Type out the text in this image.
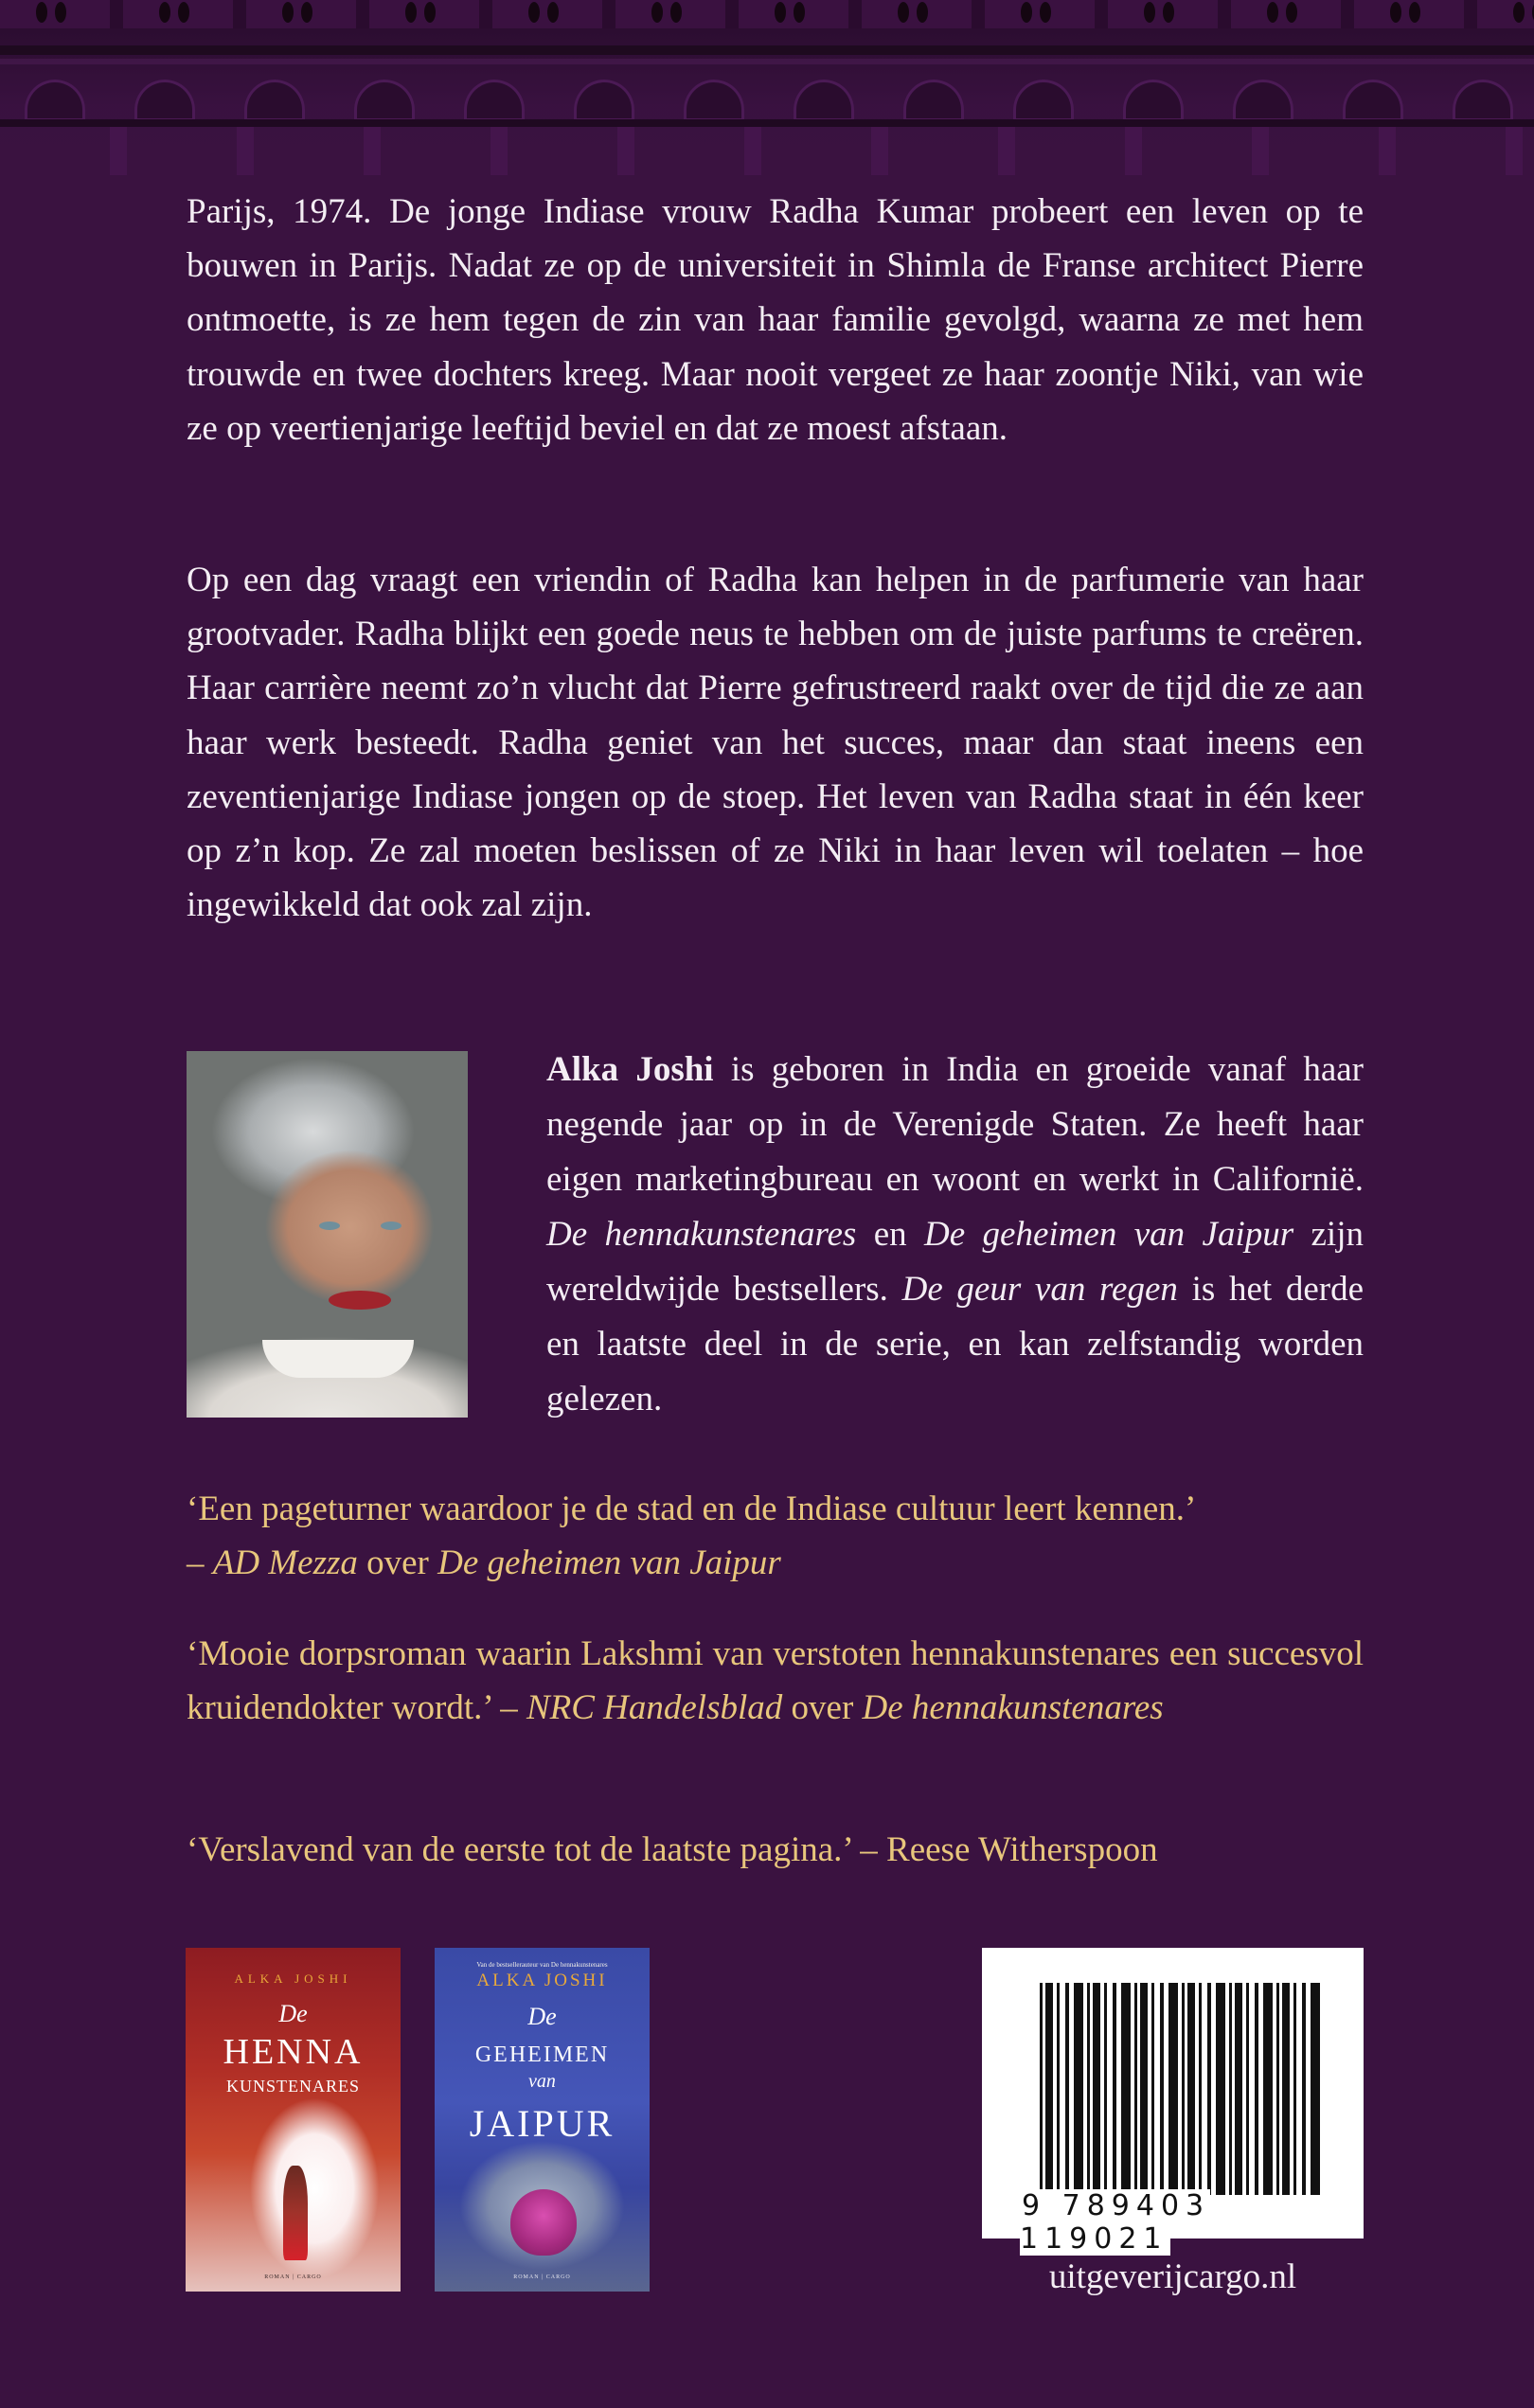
Parijs, 1974. De jonge Indiase vrouw Radha Kumar probeert een leven op te bouwen in Parijs. Nadat ze op de universiteit in Shimla de Franse architect Pierre ontmoette, is ze hem tegen de zin van haar familie gevolgd, waarna ze met hem trouwde en twee dochters kreeg. Maar nooit vergeet ze haar zoontje Niki, van wie ze op veertienjarige leeftijd beviel en dat ze moest afstaan.

Op een dag vraagt een vriendin of Radha kan helpen in de parfumerie van haar grootvader. Radha blijkt een goede neus te hebben om de juiste parfums te creëren. Haar carrière neemt zo’n vlucht dat Pierre gefrustreerd raakt over de tijd die ze aan haar werk besteedt. Radha geniet van het succes, maar dan staat ineens een zeventienjarige Indiase jongen op de stoep. Het leven van Radha staat in één keer op z’n kop. Ze zal moeten beslissen of ze Niki in haar leven wil toelaten – hoe ingewikkeld dat ook zal zijn.

Alka Joshi is geboren in India en groeide vanaf haar negende jaar op in de Verenigde Staten. Ze heeft haar eigen marketingbureau en woont en werkt in Californië. De hennakunstenares en De geheimen van Jaipur zijn wereldwijde bestsellers. De geur van regen is het derde en laatste deel in de serie, en kan zelfstandig worden gelezen.

‘Een pageturner waardoor je de stad en de Indiase cultuur leert kennen.’
– AD Mezza over De geheimen van Jaipur

‘Mooie dorpsroman waarin Lakshmi van verstoten hennakunstenares een succesvol kruidendokter wordt.’ – NRC Handelsblad over De hennakunstenares

‘Verslavend van de eerste tot de laatste pagina.’ – Reese Witherspoon

ALKA JOSHI
De
HENNA
KUNSTENARES
ROMAN | CARGO
Van de bestsellerauteur van De hennakunstenares
ALKA JOSHI
De
GEHEIMEN
van
JAIPUR
ROMAN | CARGO
9 789403 119021
uitgeverijcargo.nl
